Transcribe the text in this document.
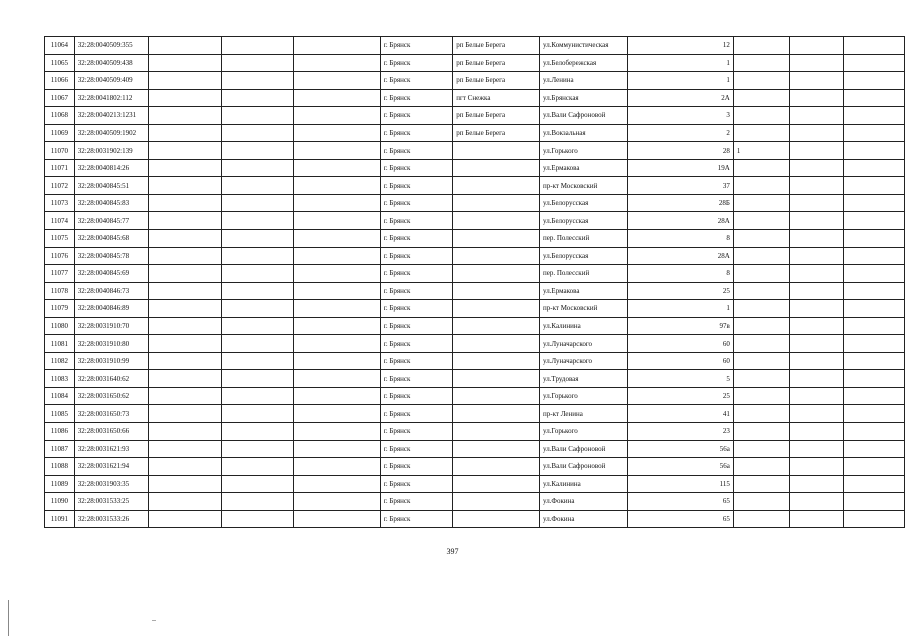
11064	32:28:0040509:355				г. Брянск	рп Белые Берега	ул.Коммунистическая	12			
11065	32:28:0040509:438				г. Брянск	рп Белые Берега	ул.Белобережская	1			
11066	32:28:0040509:409				г. Брянск	рп Белые Берега	ул.Ленина	1			
11067	32:28:0041802:112				г. Брянск	пгт Снежка	ул.Брянская	2А			
11068	32:28:0040213:1231				г. Брянск	рп Белые Берега	ул.Вали Сафроновой	3			
11069	32:28:0040509:1902				г. Брянск	рп Белые Берега	ул.Вокзальная	2			
11070	32:28:0031902:139				г. Брянск		ул.Горького	28	1		
11071	32:28:0040814:26				г. Брянск		ул.Ермакова	19А			
11072	32:28:0040845:51				г. Брянск		пр-кт Московский	37			
11073	32:28:0040845:83				г. Брянск		ул.Белорусская	28Б			
11074	32:28:0040845:77				г. Брянск		ул.Белорусская	28А			
11075	32:28:0040845:68				г. Брянск		пер. Полесский	8			
11076	32:28:0040845:78				г. Брянск		ул.Белорусская	28А			
11077	32:28:0040845:69				г. Брянск		пер. Полесский	8			
11078	32:28:0040846:73				г. Брянск		ул.Ермакова	25			
11079	32:28:0040846:89				г. Брянск		пр-кт Московский	1			
11080	32:28:0031910:70				г. Брянск		ул.Калинина	97в			
11081	32:28:0031910:80				г. Брянск		ул.Луначарского	60			
11082	32:28:0031910:99				г. Брянск		ул.Луначарского	60			
11083	32:28:0031640:62				г. Брянск		ул.Трудовая	5			
11084	32:28:0031650:62				г. Брянск		ул.Горького	25			
11085	32:28:0031650:73				г. Брянск		пр-кт Ленина	41			
11086	32:28:0031650:66				г. Брянск		ул.Горького	23			
11087	32:28:0031621:93				г. Брянск		ул.Вали Сафроновой	56а			
11088	32:28:0031621:94				г. Брянск		ул.Вали Сафроновой	56а			
11089	32:28:0031903:35				г. Брянск		ул.Калинина	115			
11090	32:28:0031533:25				г. Брянск		ул.Фокина	65			
11091	32:28:0031533:26				г. Брянск		ул.Фокина	65			
397
